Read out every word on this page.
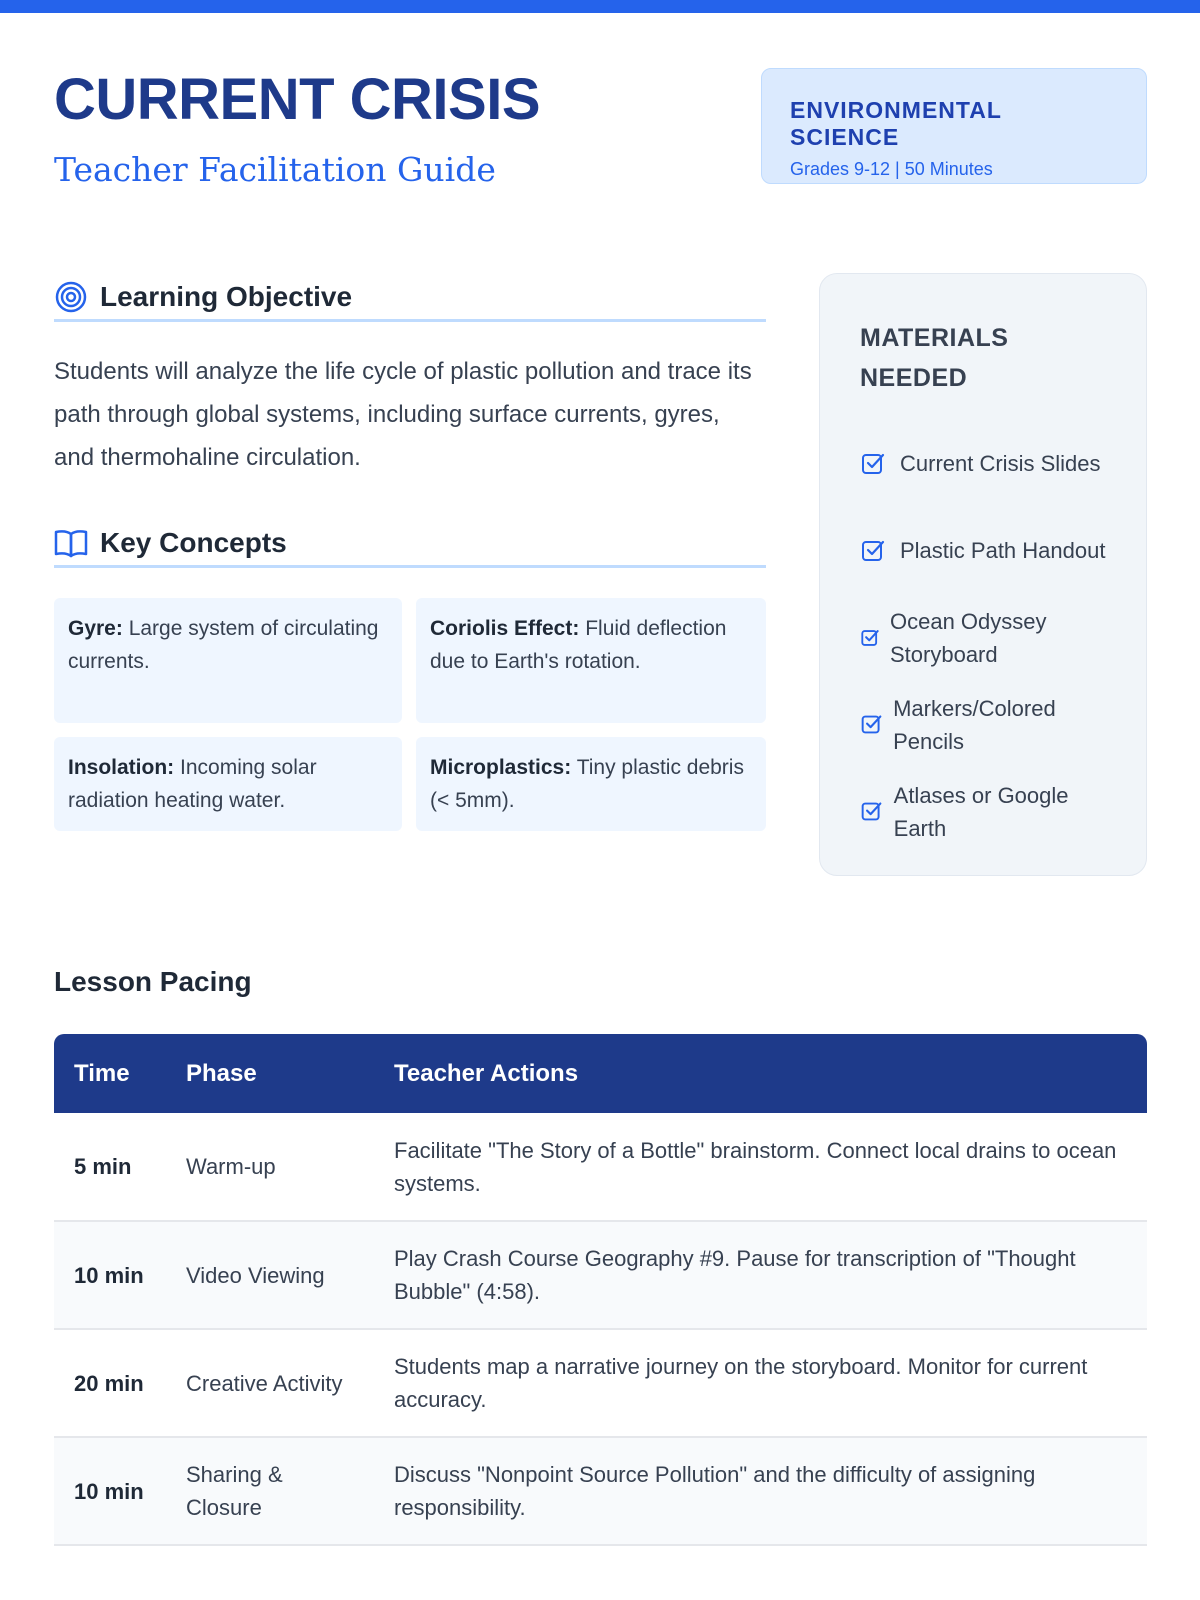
CURRENT CRISIS
Teacher Facilitation Guide
ENVIRONMENTAL SCIENCE
Grades 9-12 | 50 Minutes
Learning Objective

Students will analyze the life cycle of plastic pollution and trace its path through global systems, including surface currents, gyres, and thermohaline circulation.

Key Concepts
Gyre: Large system of circulating currents.
Coriolis Effect: Fluid deflection due to Earth's rotation.
Insolation: Incoming solar radiation heating water.
Microplastics: Tiny plastic debris (< 5mm).
MATERIALS NEEDED
Current Crisis Slides
Plastic Path Handout
Ocean Odyssey Storyboard
Markers/Colored Pencils
Atlases or Google Earth
Lesson Pacing
Time	Phase	Teacher Actions
5 min	Warm-up	Facilitate "The Story of a Bottle" brainstorm. Connect local drains to ocean systems.
10 min	Video Viewing	Play Crash Course Geography #9. Pause for transcription of "Thought Bubble" (4:58).
20 min	Creative Activity	Students map a narrative journey on the storyboard. Monitor for current accuracy.
10 min	Sharing & Closure	Discuss "Nonpoint Source Pollution" and the difficulty of assigning responsibility.
